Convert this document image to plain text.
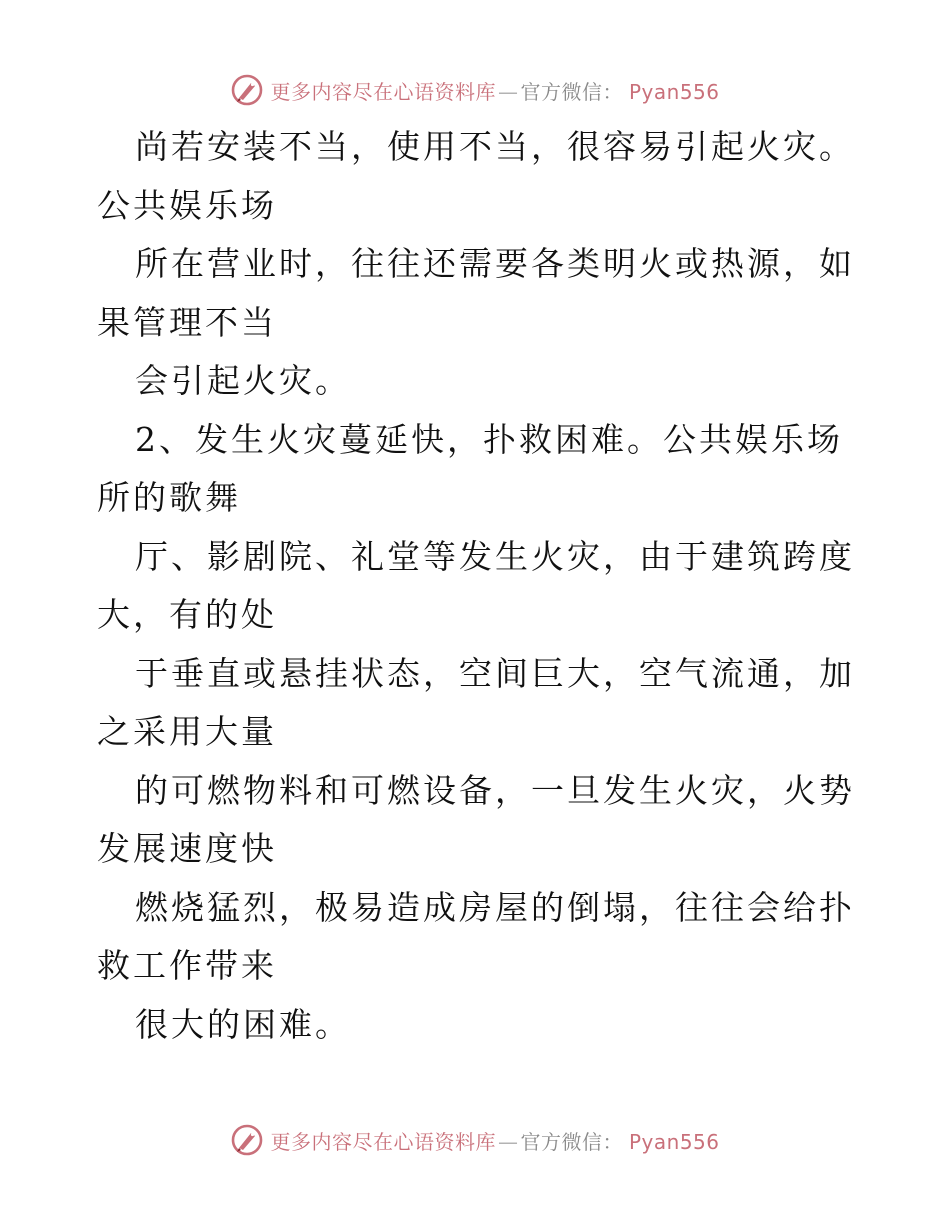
更多内容尽在心语资料库 — 官方微信： Pyan556

尚若安装不当，使用不当，很容易引起火灾。公共娱乐场

所在营业时，往往还需要各类明火或热源，如果管理不当

会引起火灾。

2、发生火灾蔓延快，扑救困难。公共娱乐场所的歌舞

厅、影剧院、礼堂等发生火灾，由于建筑跨度大，有的处

于垂直或悬挂状态，空间巨大，空气流通，加之采用大量

的可燃物料和可燃设备，一旦发生火灾，火势发展速度快

燃烧猛烈，极易造成房屋的倒塌，往往会给扑救工作带来

很大的困难。

更多内容尽在心语资料库 — 官方微信： Pyan556
